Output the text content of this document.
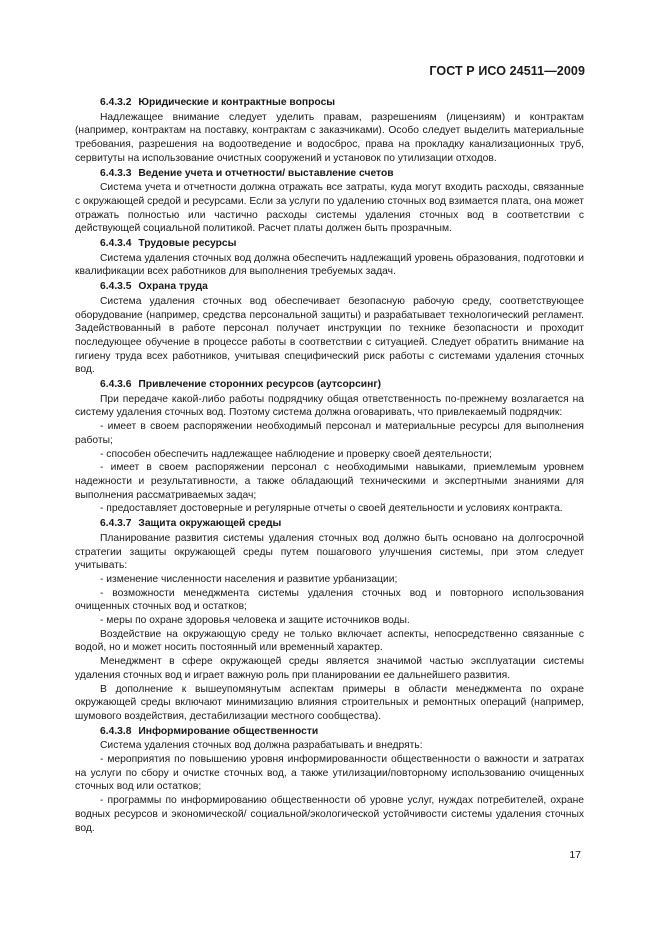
ГОСТ Р ИСО 24511—2009

6.4.3.2 Юридические и контрактные вопросы

Надлежащее внимание следует уделить правам, разрешениям (лицензиям) и контрактам (например, контрактам на поставку, контрактам с заказчиками). Особо следует выделить материальные требования, разрешения на водоотведение и водосброс, права на прокладку канализационных труб, сервитуты на использование очистных сооружений и установок по утилизации отходов.

6.4.3.3 Ведение учета и отчетности/ выставление счетов

Система учета и отчетности должна отражать все затраты, куда могут входить расходы, связанные с окружающей средой и ресурсами. Если за услуги по удалению сточных вод взимается плата, она может отражать полностью или частично расходы системы удаления сточных вод в соответствии с действующей социальной политикой. Расчет платы должен быть прозрачным.

6.4.3.4 Трудовые ресурсы

Система удаления сточных вод должна обеспечить надлежащий уровень образования, подготовки и квалификации всех работников для выполнения требуемых задач.

6.4.3.5 Охрана труда

Система удаления сточных вод обеспечивает безопасную рабочую среду, соответствующее оборудование (например, средства персональной защиты) и разрабатывает технологический регламент. Задействованный в работе персонал получает инструкции по технике безопасности и проходит последующее обучение в процессе работы в соответствии с ситуацией. Следует обратить внимание на гигиену труда всех работников, учитывая специфический риск работы с системами удаления сточных вод.

6.4.3.6 Привлечение сторонних ресурсов (аутсорсинг)

При передаче какой-либо работы подрядчику общая ответственность по-прежнему возлагается на систему удаления сточных вод. Поэтому система должна оговаривать, что привлекаемый подрядчик:

- имеет в своем распоряжении необходимый персонал и материальные ресурсы для выполнения работы;

- способен обеспечить надлежащее наблюдение и проверку своей деятельности;

- имеет в своем распоряжении персонал с необходимыми навыками, приемлемым уровнем надежности и результативности, а также обладающий техническими и экспертными знаниями для выполнения рассматриваемых задач;

- предоставляет достоверные и регулярные отчеты о своей деятельности и условиях контракта.

6.4.3.7 Защита окружающей среды

Планирование развития системы удаления сточных вод должно быть основано на долгосрочной стратегии защиты окружающей среды путем пошагового улучшения системы, при этом следует учитывать:

- изменение численности населения и развитие урбанизации;

- возможности менеджмента системы удаления сточных вод и повторного использования очищенных сточных вод и остатков;

- меры по охране здоровья человека и защите источников воды.

Воздействие на окружающую среду не только включает аспекты, непосредственно связанные с водой, но и может носить постоянный или временный характер.

Менеджмент в сфере окружающей среды является значимой частью эксплуатации системы удаления сточных вод и играет важную роль при планировании ее дальнейшего развития.

В дополнение к вышеупомянутым аспектам примеры в области менеджмента по охране окружающей среды включают минимизацию влияния строительных и ремонтных операций (например, шумового воздействия, дестабилизации местного сообщества).

6.4.3.8 Информирование общественности

Система удаления сточных вод должна разрабатывать и внедрять:

- мероприятия по повышению уровня информированности общественности о важности и затратах на услуги по сбору и очистке сточных вод, а также утилизации/повторному использованию очищенных сточных вод или остатков;

- программы по информированию общественности об уровне услуг, нуждах потребителей, охране водных ресурсов и экономической/ социальной/экологической устойчивости системы удаления сточных вод.

17
